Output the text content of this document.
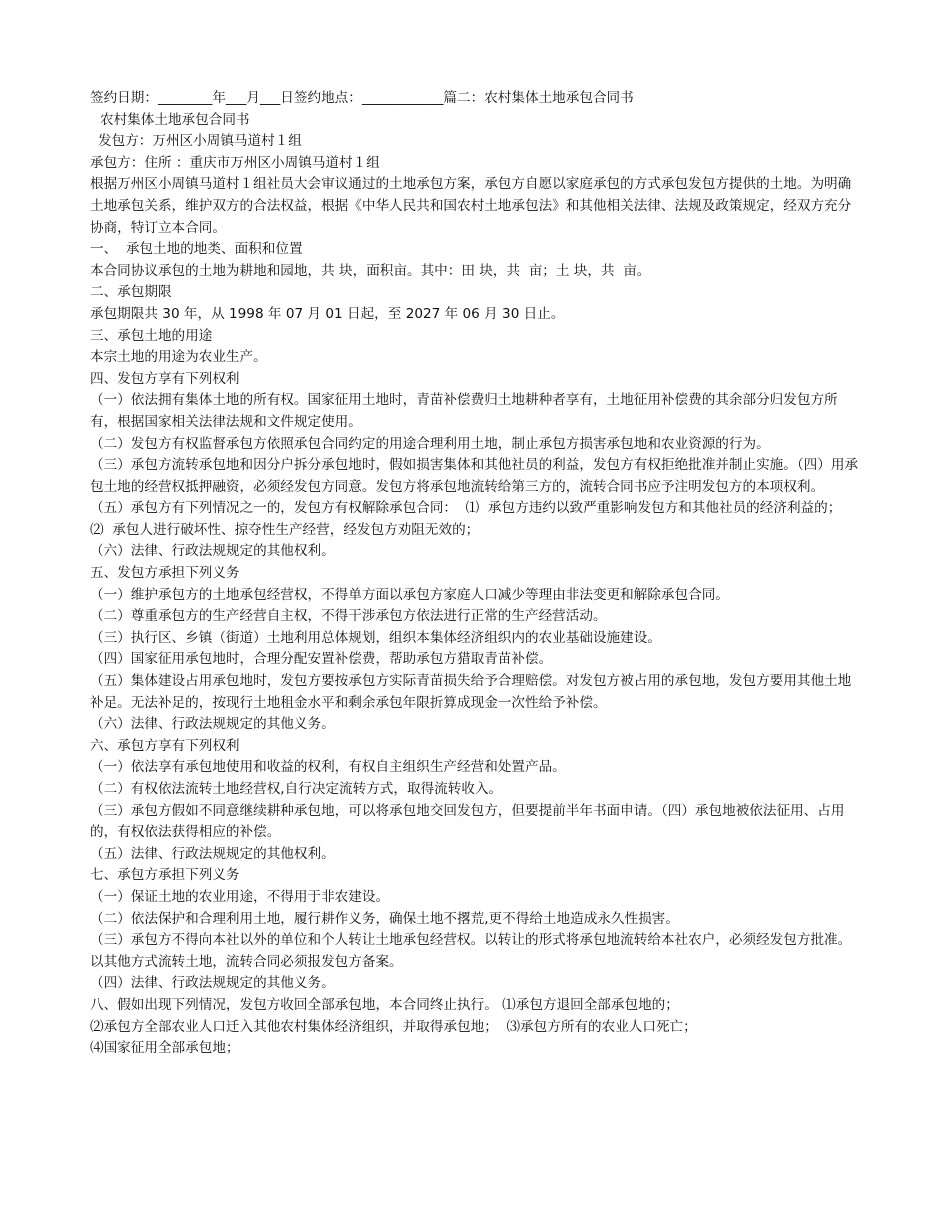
签约日期：________年___月___日签约地点：____________篇二：农村集体土地承包合同书

农村集体土地承包合同书

发包方：万州区小周镇马道村１组

承包方：住所 ：重庆市万州区小周镇马道村１组

根据万州区小周镇马道村１组社员大会审议通过的土地承包方案，承包方自愿以家庭承包的方式承包发包方提供的土地。为明确土地承包关系，维护双方的合法权益，根据《中华人民共和国农村土地承包法》和其他相关法律、法规及政策规定，经双方充分协商，特订立本合同。

一、  承包土地的地类、面积和位置

本合同协议承包的土地为耕地和园地，共 块，面积亩。其中：田 块，共  亩；土 块，共  亩。

二、承包期限

承包期限共 30 年，从 1998 年 07 月 01 日起，至 2027 年 06 月 30 日止。

三、承包土地的用途

本宗土地的用途为农业生产。

四、发包方享有下列权利

（一）依法拥有集体土地的所有权。国家征用土地时，青苗补偿费归土地耕种者享有，土地征用补偿费的其余部分归发包方所有，根据国家相关法律法规和文件规定使用。

（二）发包方有权监督承包方依照承包合同约定的用途合理利用土地，制止承包方损害承包地和农业资源的行为。

（三）承包方流转承包地和因分户拆分承包地时，假如损害集体和其他社员的利益，发包方有权拒绝批准并制止实施。（四）用承包土地的经营权抵押融资，必须经发包方同意。发包方将承包地流转给第三方的，流转合同书应予注明发包方的本项权利。

（五）承包方有下列情况之一的，发包方有权解除承包合同：  ⑴  承包方违约以致严重影响发包方和其他社员的经济利益的；  ⑵  承包人进行破坏性、掠夺性生产经营，经发包方劝阻无效的；

（六）法律、行政法规规定的其他权利。

五、发包方承担下列义务

（一）维护承包方的土地承包经营权，不得单方面以承包方家庭人口减少等理由非法变更和解除承包合同。

（二）尊重承包方的生产经营自主权，不得干涉承包方依法进行正常的生产经营活动。

（三）执行区、乡镇（街道）土地利用总体规划，组织本集体经济组织内的农业基础设施建设。

（四）国家征用承包地时，合理分配安置补偿费，帮助承包方猎取青苗补偿。

（五）集体建设占用承包地时，发包方要按承包方实际青苗损失给予合理赔偿。对发包方被占用的承包地，发包方要用其他土地补足。无法补足的，按现行土地租金水平和剩余承包年限折算成现金一次性给予补偿。

（六）法律、行政法规规定的其他义务。

六、承包方享有下列权利

（一）依法享有承包地使用和收益的权利，有权自主组织生产经营和处置产品。

（二）有权依法流转土地经营权,自行决定流转方式，取得流转收入。

（三）承包方假如不同意继续耕种承包地，可以将承包地交回发包方，但要提前半年书面申请。（四）承包地被依法征用、占用的，有权依法获得相应的补偿。

（五）法律、行政法规规定的其他权利。

七、承包方承担下列义务

（一）保证土地的农业用途，不得用于非农建设。

（二）依法保护和合理利用土地，履行耕作义务，确保土地不撂荒,更不得给土地造成永久性损害。

（三）承包方不得向本社以外的单位和个人转让土地承包经营权。以转让的形式将承包地流转给本社农户，必须经发包方批准。以其他方式流转土地，流转合同必须报发包方备案。

（四）法律、行政法规规定的其他义务。

八、假如出现下列情况，发包方收回全部承包地，本合同终止执行。 ⑴承包方退回全部承包地的；

⑵承包方全部农业人口迁入其他农村集体经济组织，并取得承包地；  ⑶承包方所有的农业人口死亡；

⑷国家征用全部承包地；
